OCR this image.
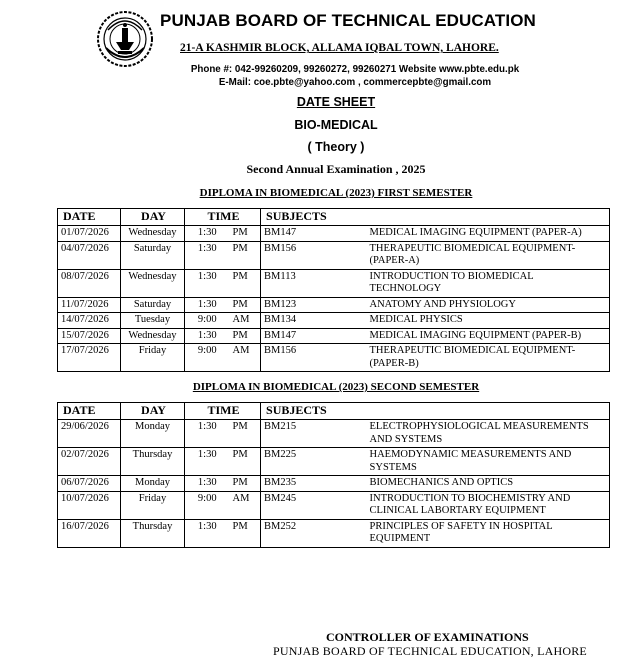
PUNJAB BOARD OF TECHNICAL EDUCATION
21-A KASHMIR BLOCK, ALLAMA IQBAL TOWN, LAHORE.
Phone #: 042-99260209, 99260272, 99260271 Website www.pbte.edu.pk
E-Mail: coe.pbte@yahoo.com , commercepbte@gmail.com
DATE SHEET
BIO-MEDICAL
( Theory )
Second Annual Examination , 2025
DIPLOMA IN BIOMEDICAL (2023) FIRST SEMESTER
DATE	DAY	TIME		SUBJECTS	
01/07/2026	Wednesday	1:30	PM	BM147	MEDICAL IMAGING EQUIPMENT (PAPER-A)
04/07/2026	Saturday	1:30	PM	BM156	THERAPEUTIC BIOMEDICAL EQUIPMENT-(PAPER-A)
08/07/2026	Wednesday	1:30	PM	BM113	INTRODUCTION TO BIOMEDICAL TECHNOLOGY
11/07/2026	Saturday	1:30	PM	BM123	ANATOMY AND PHYSIOLOGY
14/07/2026	Tuesday	9:00	AM	BM134	MEDICAL PHYSICS
15/07/2026	Wednesday	1:30	PM	BM147	MEDICAL IMAGING EQUIPMENT (PAPER-B)
17/07/2026	Friday	9:00	AM	BM156	THERAPEUTIC BIOMEDICAL EQUIPMENT-(PAPER-B)
DIPLOMA IN BIOMEDICAL (2023) SECOND SEMESTER
DATE	DAY	TIME		SUBJECTS	
29/06/2026	Monday	1:30	PM	BM215	ELECTROPHYSIOLOGICAL MEASUREMENTS AND SYSTEMS
02/07/2026	Thursday	1:30	PM	BM225	HAEMODYNAMIC MEASUREMENTS AND SYSTEMS
06/07/2026	Monday	1:30	PM	BM235	BIOMECHANICS AND OPTICS
10/07/2026	Friday	9:00	AM	BM245	INTRODUCTION TO BIOCHEMISTRY AND CLINICAL LABORTARY EQUIPMENT
16/07/2026	Thursday	1:30	PM	BM252	PRINCIPLES OF SAFETY IN HOSPITAL EQUIPMENT
CONTROLLER OF EXAMINATIONS
PUNJAB BOARD OF TECHNICAL EDUCATION, LAHORE
